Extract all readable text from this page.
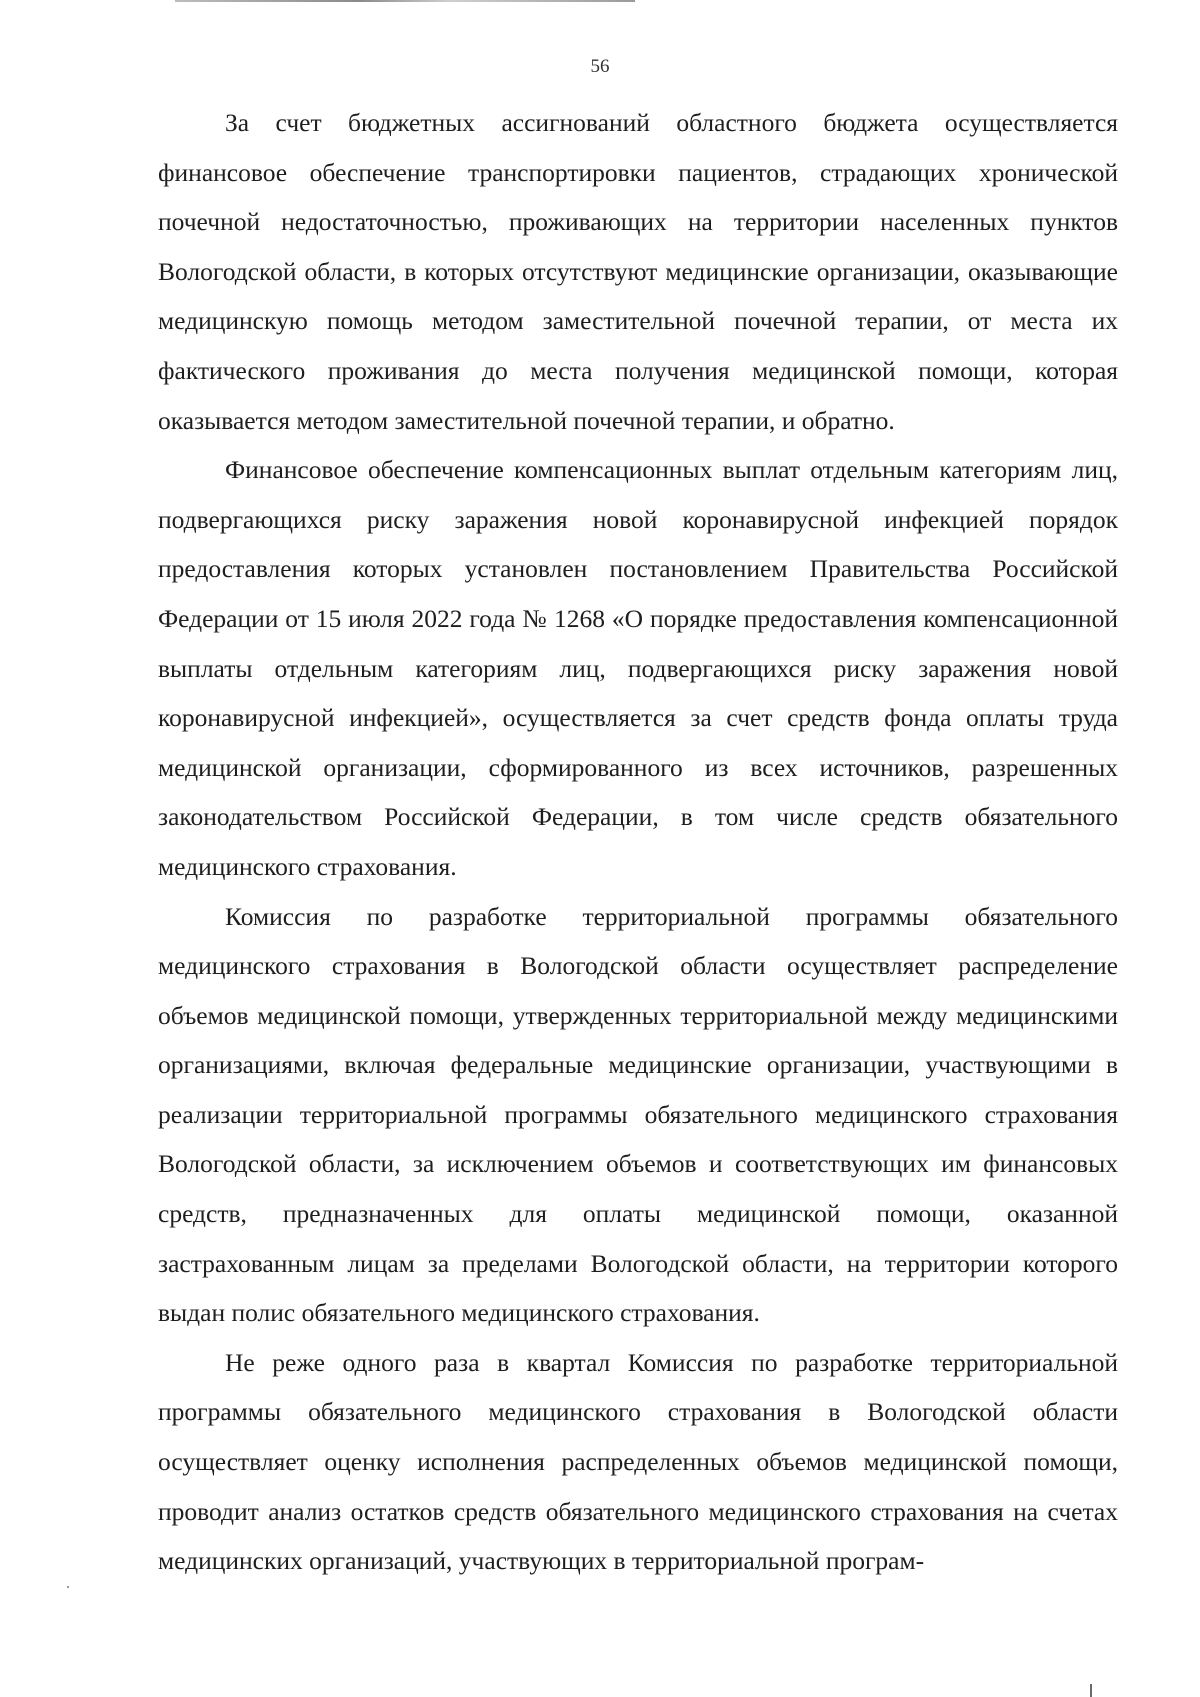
56

За счет бюджетных ассигнований областного бюджета осуществляется финансовое обеспечение транспортировки пациентов, страдающих хронической почечной недостаточностью, проживающих на территории населенных пунктов Вологодской области, в которых отсутствуют медицинские организации, оказывающие медицинскую помощь методом заместительной почечной терапии, от места их фактического проживания до места получения медицинской помощи, которая оказывается методом заместительной почечной терапии, и обратно.

Финансовое обеспечение компенсационных выплат отдельным категориям лиц, подвергающихся риску заражения новой коронавирусной инфекцией порядок предоставления которых установлен постановлением Правительства Российской Федерации от 15 июля 2022 года № 1268 «О порядке предоставления компенсационной выплаты отдельным категориям лиц, подвергающихся риску заражения новой коронавирусной инфекцией», осуществляется за счет средств фонда оплаты труда медицинской организации, сформированного из всех источников, разрешенных законодательством Российской Федерации, в том числе средств обязательного медицинского страхования.

Комиссия по разработке территориальной программы обязательного медицинского страхования в Вологодской области осуществляет распределение объемов медицинской помощи, утвержденных территориальной между медицинскими организациями, включая федеральные медицинские организации, участвующими в реализации территориальной программы обязательного медицинского страхования Вологодской области, за исключением объемов и соответствующих им финансовых средств, предназначенных для оплаты медицинской помощи, оказанной застрахованным лицам за пределами Вологодской области, на территории которого выдан полис обязательного медицинского страхования.

Не реже одного раза в квартал Комиссия по разработке территориальной программы обязательного медицинского страхования в Вологодской области осуществляет оценку исполнения распределенных объемов медицинской помощи, проводит анализ остатков средств обязательного медицинского страхования на счетах медицинских организаций, участвующих в территориальной програм-
